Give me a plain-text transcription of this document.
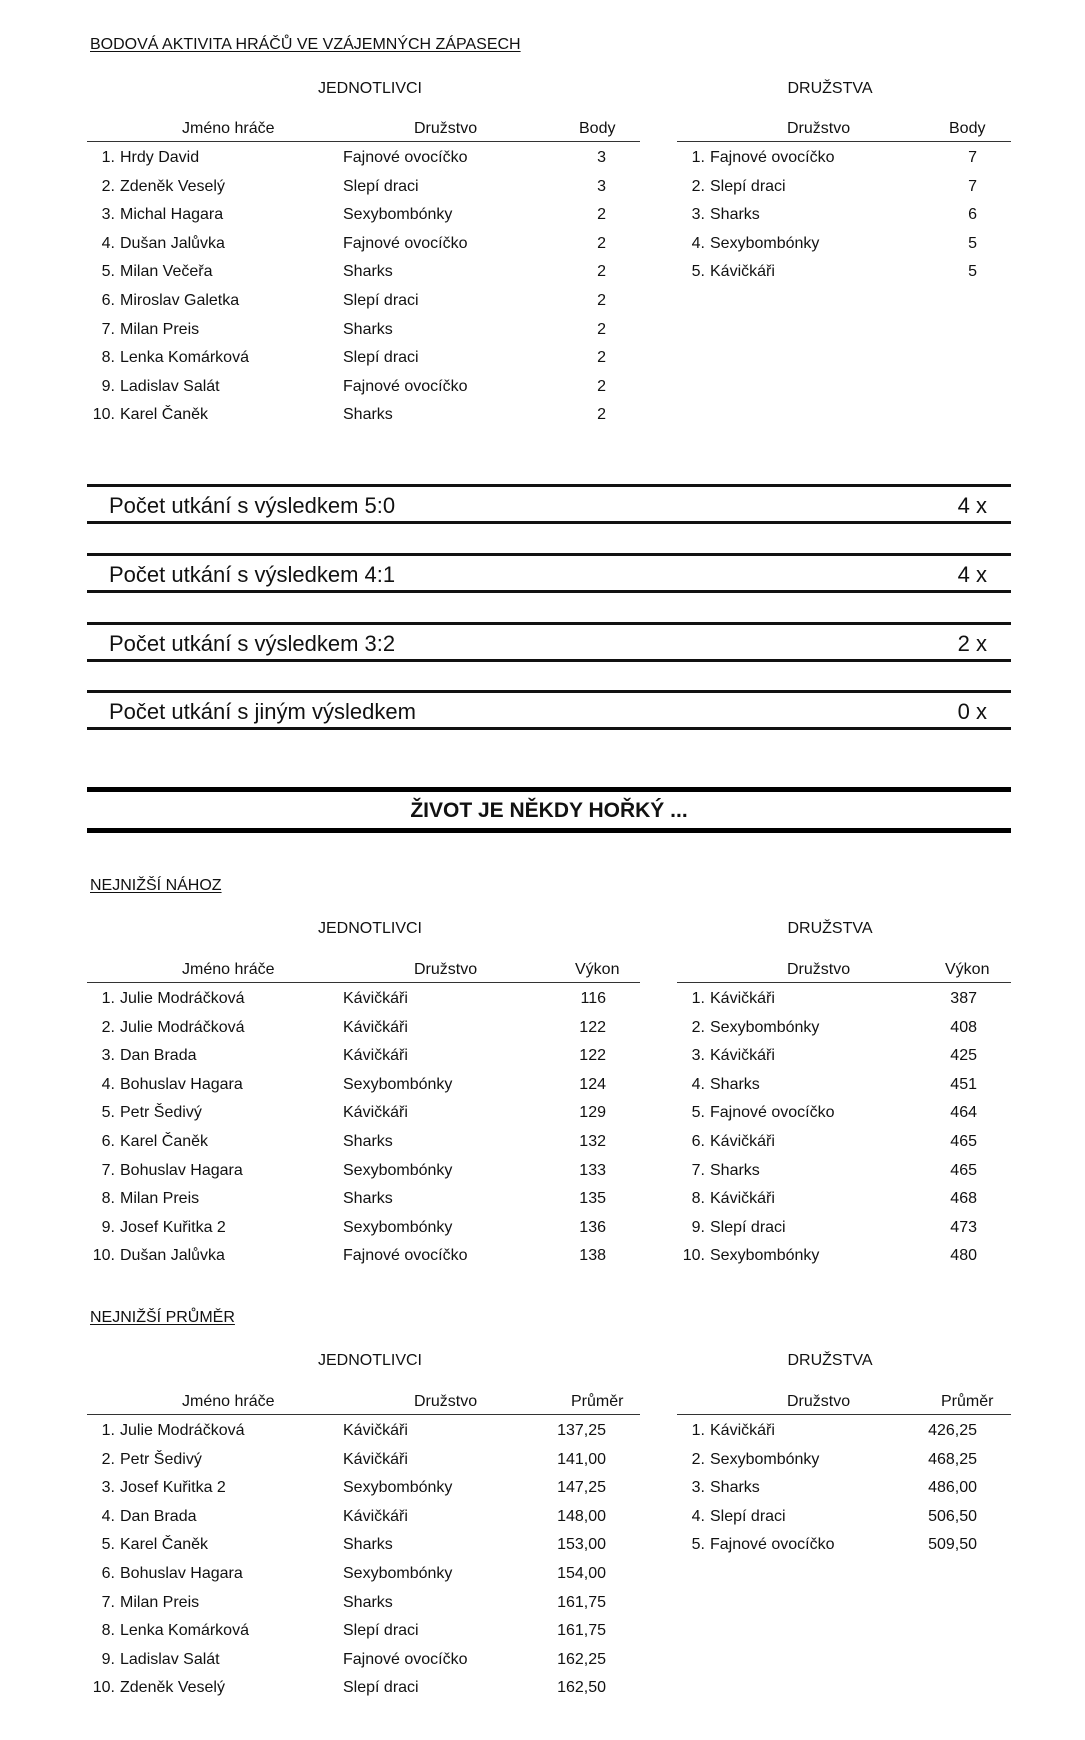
BODOVÁ AKTIVITA HRÁČŮ VE VZÁJEMNÝCH ZÁPASECH
JEDNOTLIVCI	DRUŽSTVA
Jméno hráče	Družstvo	Body
1. Hrdy David	Fajnové ovocíčko	3
2. Zdeněk Veselý	Slepí draci	3
3. Michal Hagara	Sexybombónky	2
4. Dušan Jalůvka	Fajnové ovocíčko	2
5. Milan Večeřa	Sharks	2
6. Miroslav Galetka	Slepí draci	2
7. Milan Preis	Sharks	2
8. Lenka Komárková	Slepí draci	2
9. Ladislav Salát	Fajnové ovocíčko	2
10. Karel Čaněk	Sharks	2
Družstvo	Body
1. Fajnové ovocíčko	7
2. Slepí draci	7
3. Sharks	6
4. Sexybombónky	5
5. Kávičkáři	5
Počet utkání s výsledkem 5:0	4 x
Počet utkání s výsledkem 4:1	4 x
Počet utkání s výsledkem 3:2	2 x
Počet utkání s jiným výsledkem	0 x
ŽIVOT JE NĚKDY HOŘKÝ ...
NEJNIŽŠÍ NÁHOZ
JEDNOTLIVCI	DRUŽSTVA
Jméno hráče	Družstvo	Výkon
1. Julie Modráčková	Kávičkáři	116
2. Julie Modráčková	Kávičkáři	122
3. Dan Brada	Kávičkáři	122
4. Bohuslav Hagara	Sexybombónky	124
5. Petr Šedivý	Kávičkáři	129
6. Karel Čaněk	Sharks	132
7. Bohuslav Hagara	Sexybombónky	133
8. Milan Preis	Sharks	135
9. Josef Kuřitka 2	Sexybombónky	136
10. Dušan Jalůvka	Fajnové ovocíčko	138
Družstvo	Výkon
1. Kávičkáři	387
2. Sexybombónky	408
3. Kávičkáři	425
4. Sharks	451
5. Fajnové ovocíčko	464
6. Kávičkáři	465
7. Sharks	465
8. Kávičkáři	468
9. Slepí draci	473
10. Sexybombónky	480
NEJNIŽŠÍ PRŮMĚR
JEDNOTLIVCI	DRUŽSTVA
Jméno hráče	Družstvo	Průměr
1. Julie Modráčková	Kávičkáři	137,25
2. Petr Šedivý	Kávičkáři	141,00
3. Josef Kuřitka 2	Sexybombónky	147,25
4. Dan Brada	Kávičkáři	148,00
5. Karel Čaněk	Sharks	153,00
6. Bohuslav Hagara	Sexybombónky	154,00
7. Milan Preis	Sharks	161,75
8. Lenka Komárková	Slepí draci	161,75
9. Ladislav Salát	Fajnové ovocíčko	162,25
10. Zdeněk Veselý	Slepí draci	162,50
Družstvo	Průměr
1. Kávičkáři	426,25
2. Sexybombónky	468,25
3. Sharks	486,00
4. Slepí draci	506,50
5. Fajnové ovocíčko	509,50
